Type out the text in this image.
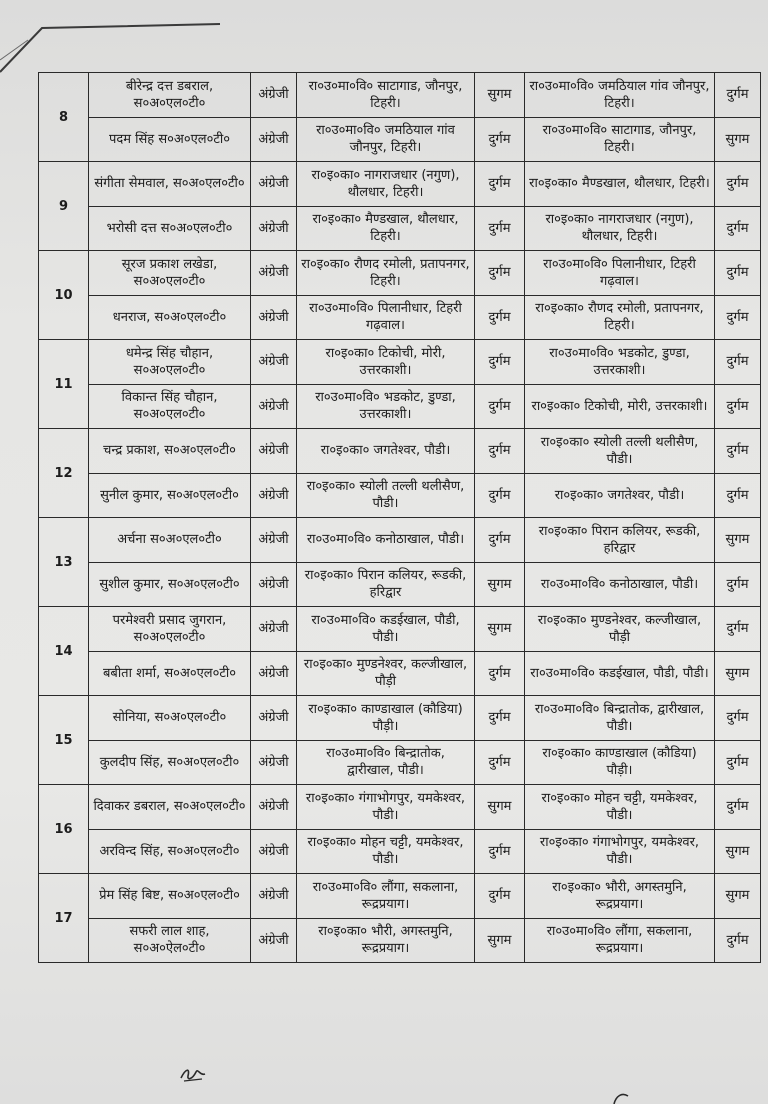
8	बीरेन्द्र दत्त डबराल, स०अ०एल०टी०	अंग्रेजी	रा०उ०मा०वि० साटागाड, जौनपुर, टिहरी।	सुगम	रा०उ०मा०वि० जमठियाल गांव जौनपुर, टिहरी।	दुर्गम
	पदम सिंह स०अ०एल०टी०	अंग्रेजी	रा०उ०मा०वि० जमठियाल गांव जौनपुर, टिहरी।	दुर्गम	रा०उ०मा०वि० साटागाड, जौनपुर, टिहरी।	सुगम
9	संगीता सेमवाल, स०अ०एल०टी०	अंग्रेजी	रा०इ०का० नागराजधार (नगुण), थौलधार, टिहरी।	दुर्गम	रा०इ०का० मैण्डखाल, थौलधार, टिहरी।	दुर्गम
	भरोसी दत्त स०अ०एल०टी०	अंग्रेजी	रा०इ०का० मैण्डखाल, थौलधार, टिहरी।	दुर्गम	रा०इ०का० नागराजधार (नगुण), थौलधार, टिहरी।	दुर्गम
10	सूरज प्रकाश लखेडा, स०अ०एल०टी०	अंग्रेजी	रा०इ०का० रौणद रमोली, प्रतापनगर, टिहरी।	दुर्गम	रा०उ०मा०वि० पिलानीधार, टिहरी गढ़वाल।	दुर्गम
	धनराज, स०अ०एल०टी०	अंग्रेजी	रा०उ०मा०वि० पिलानीधार, टिहरी गढ़वाल।	दुर्गम	रा०इ०का० रौणद रमोली, प्रतापनगर, टिहरी।	दुर्गम
11	धमेन्द्र सिंह चौहान, स०अ०एल०टी०	अंग्रेजी	रा०इ०का० टिकोची, मोरी, उत्तरकाशी।	दुर्गम	रा०उ०मा०वि० भडकोट, डुण्डा, उत्तरकाशी।	दुर्गम
	विकान्त सिंह चौहान, स०अ०एल०टी०	अंग्रेजी	रा०उ०मा०वि० भडकोट, डुण्डा, उत्तरकाशी।	दुर्गम	रा०इ०का० टिकोची, मोरी, उत्तरकाशी।	दुर्गम
12	चन्द्र प्रकाश, स०अ०एल०टी०	अंग्रेजी	रा०इ०का० जगतेश्वर, पौडी।	दुर्गम	रा०इ०का० स्योली तल्ली थलीसैण, पौडी।	दुर्गम
	सुनील कुमार, स०अ०एल०टी०	अंग्रेजी	रा०इ०का० स्योली तल्ली थलीसैण, पौडी।	दुर्गम	रा०इ०का० जगतेश्वर, पौडी।	दुर्गम
13	अर्चना स०अ०एल०टी०	अंग्रेजी	रा०उ०मा०वि० कनोठाखाल, पौडी।	दुर्गम	रा०इ०का० पिरान कलियर, रूडकी, हरिद्वार	सुगम
	सुशील कुमार, स०अ०एल०टी०	अंग्रेजी	रा०इ०का० पिरान कलियर, रूडकी, हरिद्वार	सुगम	रा०उ०मा०वि० कनोठाखाल, पौडी।	दुर्गम
14	परमेश्वरी प्रसाद जुगरान, स०अ०एल०टी०	अंग्रेजी	रा०उ०मा०वि० कडईखाल, पौडी, पौडी।	सुगम	रा०इ०का० मुण्डनेश्वर, कल्जीखाल, पौड़ी	दुर्गम
	बबीता शर्मा, स०अ०एल०टी०	अंग्रेजी	रा०इ०का० मुण्डनेश्वर, कल्जीखाल, पौड़ी	दुर्गम	रा०उ०मा०वि० कडईखाल, पौडी, पौडी।	सुगम
15	सोनिया, स०अ०एल०टी०	अंग्रेजी	रा०इ०का० काण्डाखाल (कौडिया) पौड़ी।	दुर्गम	रा०उ०मा०वि० बिन्द्रातोक, द्वारीखाल, पौडी।	दुर्गम
	कुलदीप सिंह, स०अ०एल०टी०	अंग्रेजी	रा०उ०मा०वि० बिन्द्रातोक, द्वारीखाल, पौडी।	दुर्गम	रा०इ०का० काण्डाखाल (कौडिया) पौड़ी।	दुर्गम
16	दिवाकर डबराल, स०अ०एल०टी०	अंग्रेजी	रा०इ०का० गंगाभोगपुर, यमकेश्वर, पौडी।	सुगम	रा०इ०का० मोहन चट्टी, यमकेश्वर, पौडी।	दुर्गम
	अरविन्द सिंह, स०अ०एल०टी०	अंग्रेजी	रा०इ०का० मोहन चट्टी, यमकेश्वर, पौडी।	दुर्गम	रा०इ०का० गंगाभोगपुर, यमकेश्वर, पौडी।	सुगम
17	प्रेम सिंह बिष्ट, स०अ०एल०टी०	अंग्रेजी	रा०उ०मा०वि० लौंगा, सकलाना, रूद्रप्रयाग।	दुर्गम	रा०इ०का० भौरी, अगस्तमुनि, रूद्रप्रयाग।	सुगम
	सफरी लाल शाह, स०अ०ऐल०टी०	अंग्रेजी	रा०इ०का० भौरी, अगस्तमुनि, रूद्रप्रयाग।	सुगम	रा०उ०मा०वि० लौंगा, सकलाना, रूद्रप्रयाग।	दुर्गम
